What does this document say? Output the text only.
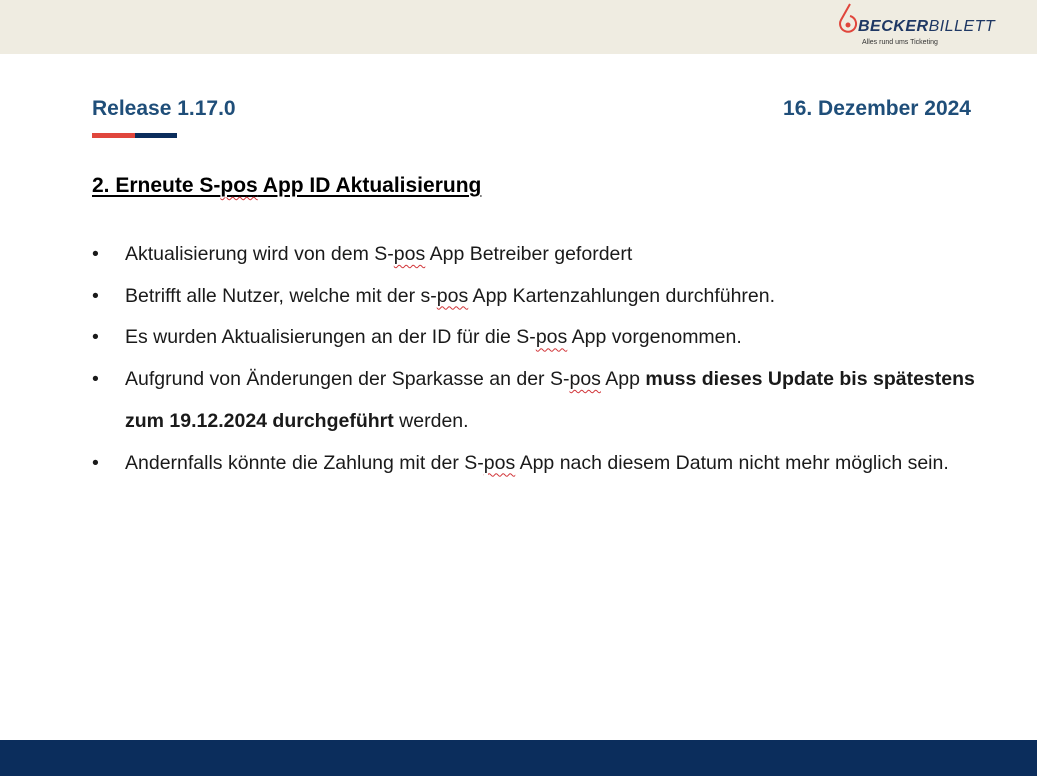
BECKERBILLETT
Alles rund ums Ticketing
Release 1.17.0	16. Dezember 2024
2. Erneute S-pos App ID Aktualisierung
• Aktualisierung wird von dem S-pos App Betreiber gefordert
• Betrifft alle Nutzer, welche mit der s-pos App Kartenzahlungen durchführen.
• Es wurden Aktualisierungen an der ID für die S-pos App vorgenommen.
• Aufgrund von Änderungen der Sparkasse an der S-pos App muss dieses Update bis spätestens zum 19.12.2024 durchgeführt werden.
• Andernfalls könnte die Zahlung mit der S-pos App nach diesem Datum nicht mehr möglich sein.
